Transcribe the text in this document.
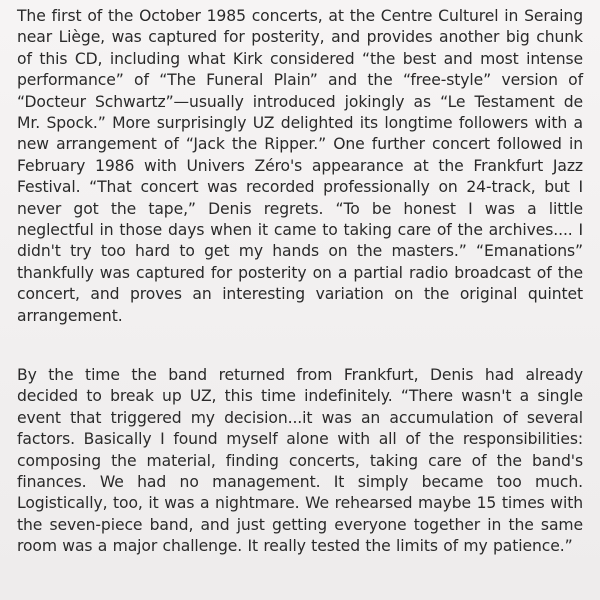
The first of the October 1985 concerts, at the Centre Culturel in Seraing near Liège, was captured for posterity, and provides another big chunk of this CD, including what Kirk considered “the best and most intense performance” of “The Funeral Plain” and the “free-style” version of “Docteur Schwartz”—usually introduced jokingly as “Le Testament de Mr. Spock.” More surprisingly UZ delighted its longtime followers with a new arrangement of “Jack the Ripper.” One further concert followed in February 1986 with Univers Zéro's appearance at the Frankfurt Jazz Festival. “That concert was recorded professionally on 24-track, but I never got the tape,” Denis regrets. “To be honest I was a little neglectful in those days when it came to taking care of the archives.... I didn't try too hard to get my hands on the masters.” “Emanations” thankfully was captured for posterity on a partial radio broadcast of the concert, and proves an interesting variation on the original quintet arrangement.

By the time the band returned from Frankfurt, Denis had already decided to break up UZ, this time indefinitely. “There wasn't a single event that triggered my decision...it was an accumulation of several factors. Basically I found myself alone with all of the responsibilities: composing the material, finding concerts, taking care of the band's finances. We had no management. It simply became too much. Logistically, too, it was a nightmare. We rehearsed maybe 15 times with the seven-piece band, and just getting everyone together in the same room was a major challenge. It really tested the limits of my patience.”
